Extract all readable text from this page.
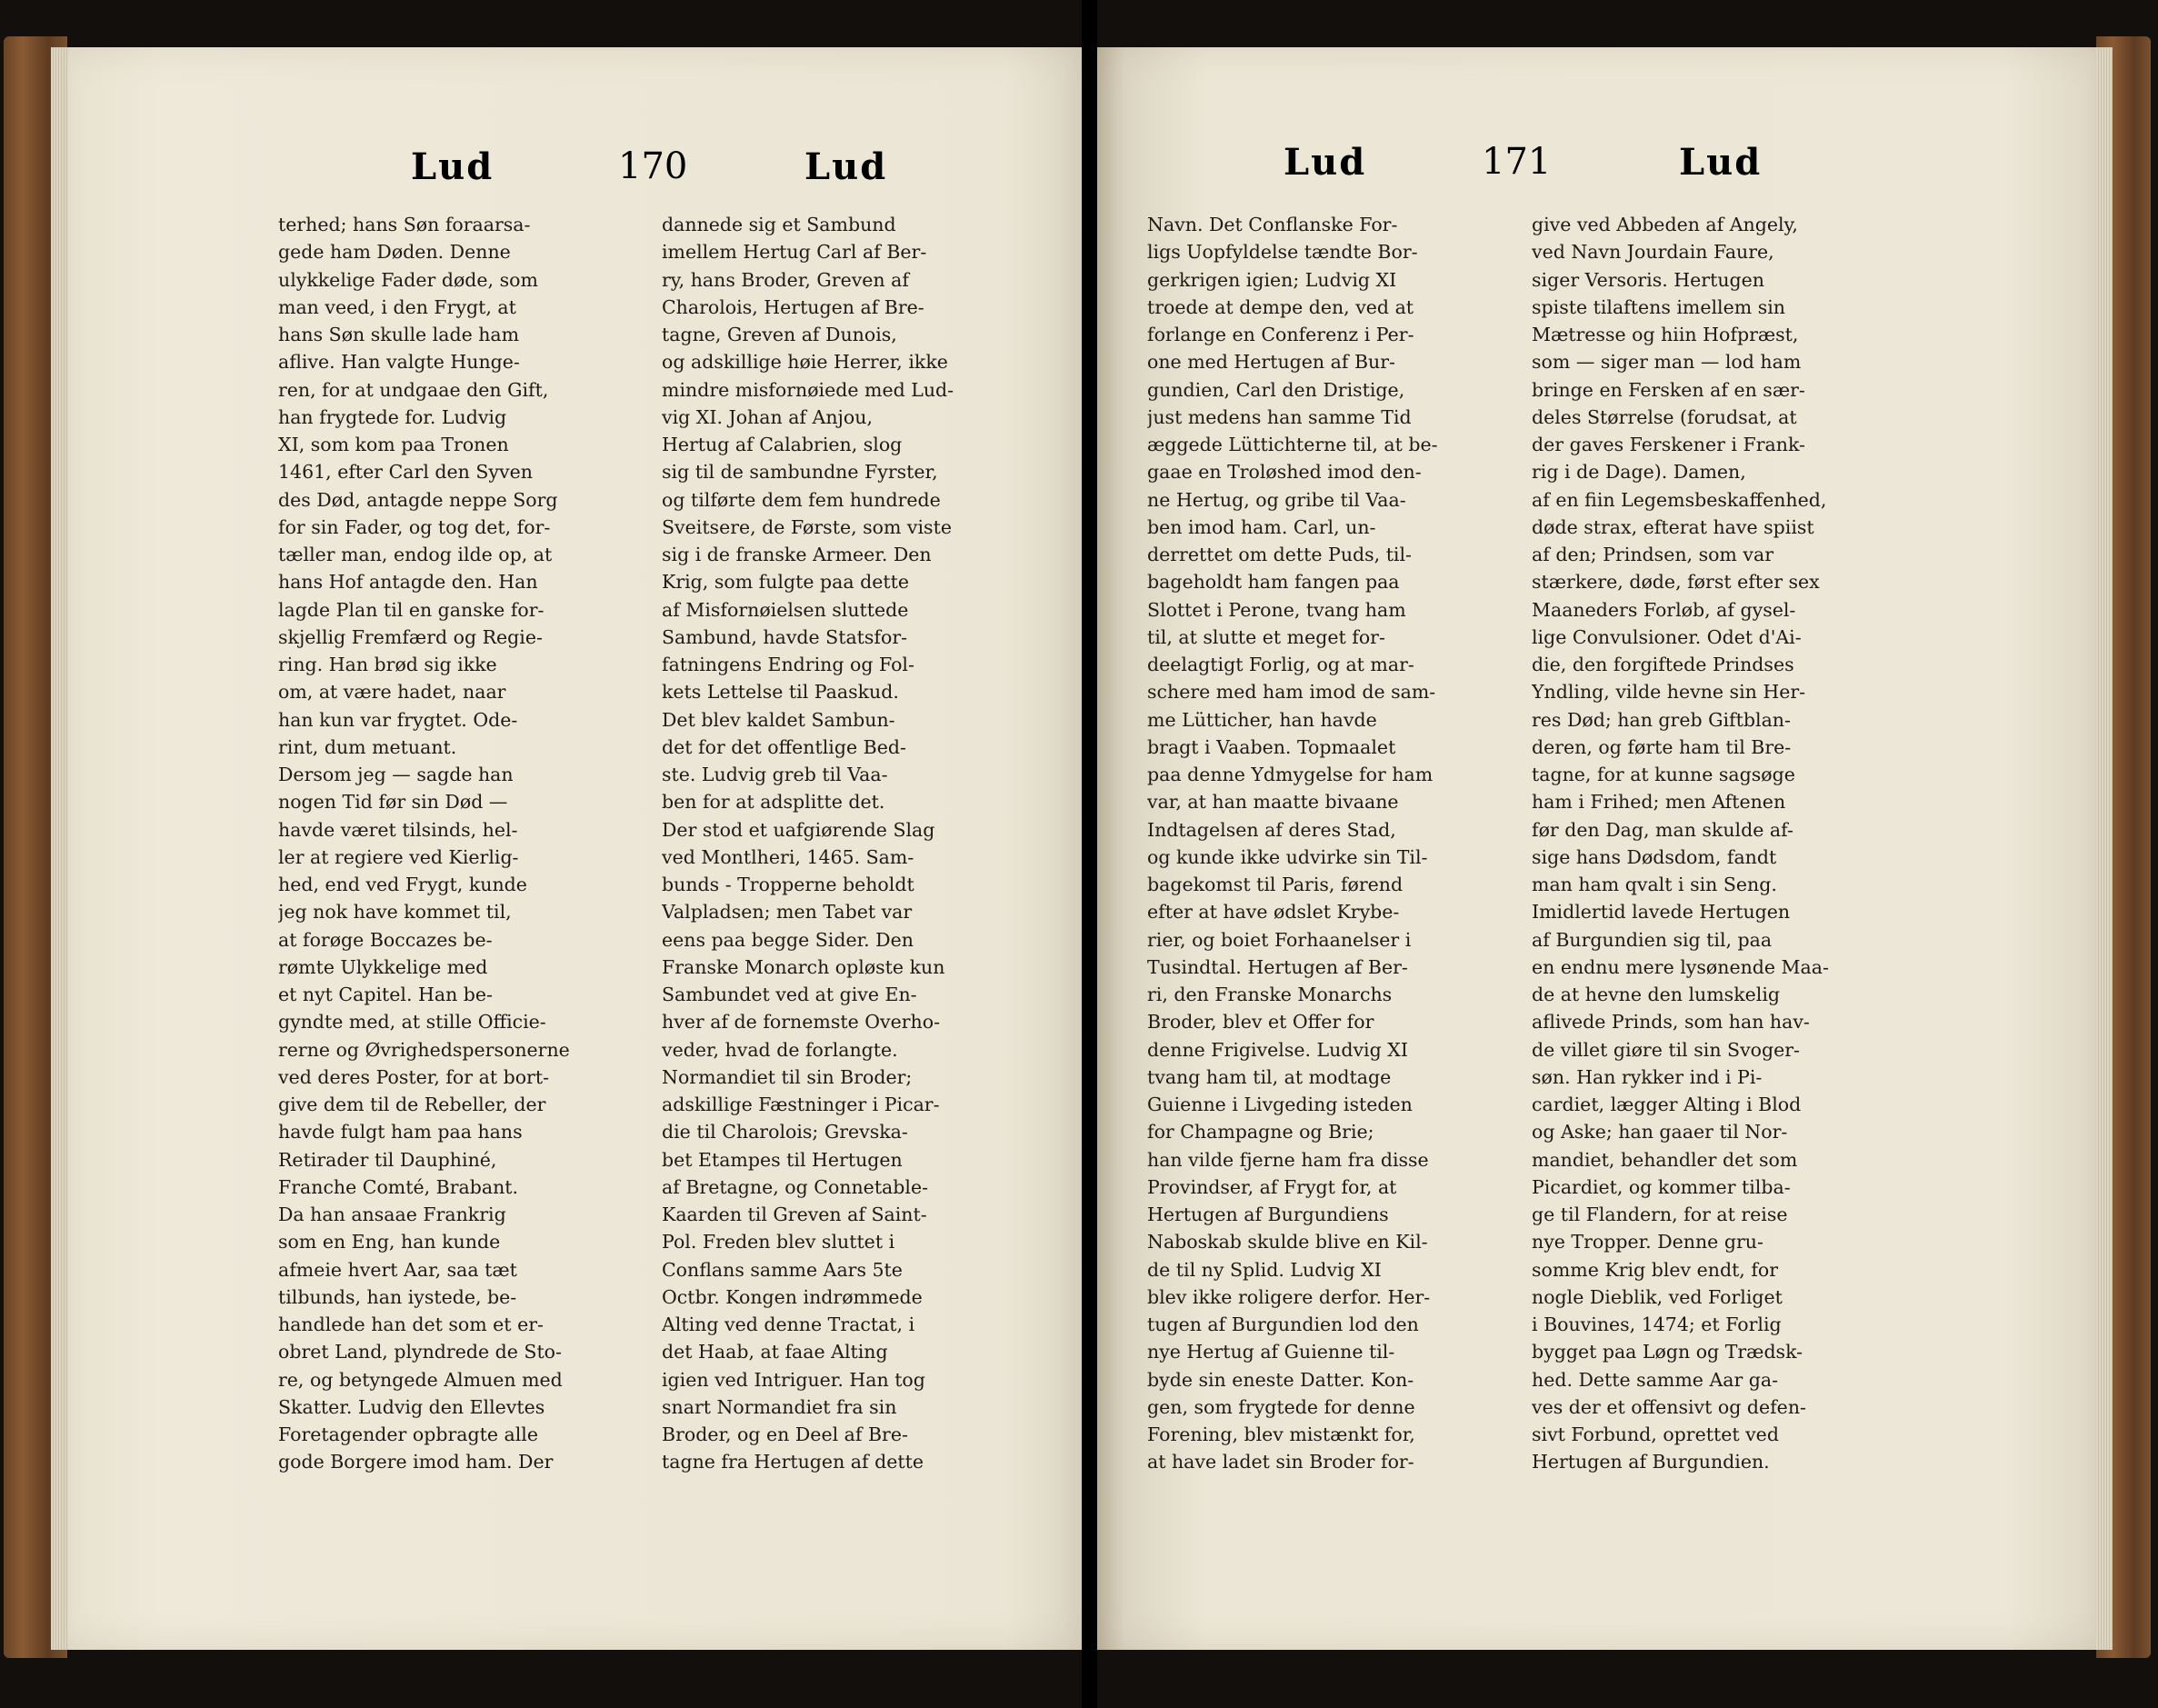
Lud	170	Lud
terhed; hans Søn foraarsa-
gede ham Døden. Denne
ulykkelige Fader døde, som
man veed, i den Frygt, at
hans Søn skulle lade ham
aflive. Han valgte Hunge-
ren, for at undgaae den Gift,
han frygtede for. Ludvig
XI, som kom paa Tronen
1461, efter Carl den Syven
des Død, antagde neppe Sorg
for sin Fader, og tog det, for-
tæller man, endog ilde op, at
hans Hof antagde den. Han
lagde Plan til en ganske for-
skjellig Fremfærd og Regie-
ring. Han brød sig ikke
om, at være hadet, naar
han kun var frygtet. Ode-
rint, dum metuant.
Dersom jeg — sagde han
nogen Tid før sin Død —
havde været tilsinds, hel-
ler at regiere ved Kierlig-
hed, end ved Frygt, kunde
jeg nok have kommet til,
at forøge Boccazes be-
rømte Ulykkelige med
et nyt Capitel. Han be-
gyndte med, at stille Officie-
rerne og Øvrighedspersonerne
ved deres Poster, for at bort-
give dem til de Rebeller, der
havde fulgt ham paa hans
Retirader til Dauphiné,
Franche Comté, Brabant.
Da han ansaae Frankrig
som en Eng, han kunde
afmeie hvert Aar, saa tæt
tilbunds, han iystede, be-
handlede han det som et er-
obret Land, plyndrede de Sto-
re, og betyngede Almuen med
Skatter. Ludvig den Ellevtes
Foretagender opbragte alle
gode Borgere imod ham. Der
dannede sig et Sambund
imellem Hertug Carl af Ber-
ry, hans Broder, Greven af
Charolois, Hertugen af Bre-
tagne, Greven af Dunois,
og adskillige høie Herrer, ikke
mindre misfornøiede med Lud-
vig XI. Johan af Anjou,
Hertug af Calabrien, slog
sig til de sambundne Fyrster,
og tilførte dem fem hundrede
Sveitsere, de Første, som viste
sig i de franske Armeer. Den
Krig, som fulgte paa dette
af Misfornøielsen sluttede
Sambund, havde Statsfor-
fatningens Endring og Fol-
kets Lettelse til Paaskud.
Det blev kaldet Sambun-
det for det offentlige Bed-
ste. Ludvig greb til Vaa-
ben for at adsplitte det.
Der stod et uafgiørende Slag
ved Montlheri, 1465. Sam-
bunds - Tropperne beholdt
Valpladsen; men Tabet var
eens paa begge Sider. Den
Franske Monarch opløste kun
Sambundet ved at give En-
hver af de fornemste Overho-
veder, hvad de forlangte.
Normandiet til sin Broder;
adskillige Fæstninger i Picar-
die til Charolois; Grevska-
bet Etampes til Hertugen
af Bretagne, og Connetable-
Kaarden til Greven af Saint-
Pol. Freden blev sluttet i
Conflans samme Aars 5te
Octbr. Kongen indrømmede
Alting ved denne Tractat, i
det Haab, at faae Alting
igien ved Intriguer. Han tog
snart Normandiet fra sin
Broder, og en Deel af Bre-
tagne fra Hertugen af dette
Lud	171	Lud
Navn. Det Conflanske For-
ligs Uopfyldelse tændte Bor-
gerkrigen igien; Ludvig XI
troede at dempe den, ved at
forlange en Conferenz i Per-
one med Hertugen af Bur-
gundien, Carl den Dristige,
just medens han samme Tid
æggede Lüttichterne til, at be-
gaae en Troløshed imod den-
ne Hertug, og gribe til Vaa-
ben imod ham. Carl, un-
derrettet om dette Puds, til-
bageholdt ham fangen paa
Slottet i Perone, tvang ham
til, at slutte et meget for-
deelagtigt Forlig, og at mar-
schere med ham imod de sam-
me Lütticher, han havde
bragt i Vaaben. Topmaalet
paa denne Ydmygelse for ham
var, at han maatte bivaane
Indtagelsen af deres Stad,
og kunde ikke udvirke sin Til-
bagekomst til Paris, førend
efter at have ødslet Krybe-
rier, og boiet Forhaanelser i
Tusindtal. Hertugen af Ber-
ri, den Franske Monarchs
Broder, blev et Offer for
denne Frigivelse. Ludvig XI
tvang ham til, at modtage
Guienne i Livgeding isteden
for Champagne og Brie;
han vilde fjerne ham fra disse
Provindser, af Frygt for, at
Hertugen af Burgundiens
Naboskab skulde blive en Kil-
de til ny Splid. Ludvig XI
blev ikke roligere derfor. Her-
tugen af Burgundien lod den
nye Hertug af Guienne til-
byde sin eneste Datter. Kon-
gen, som frygtede for denne
Forening, blev mistænkt for,
at have ladet sin Broder for-
give ved Abbeden af Angely,
ved Navn Jourdain Faure,
siger Versoris. Hertugen
spiste tilaftens imellem sin
Mætresse og hiin Hofpræst,
som — siger man — lod ham
bringe en Fersken af en sær-
deles Størrelse (forudsat, at
der gaves Ferskener i Frank-
rig i de Dage). Damen,
af en fiin Legemsbeskaffenhed,
døde strax, efterat have spiist
af den; Prindsen, som var
stærkere, døde, først efter sex
Maaneders Forløb, af gysel-
lige Convulsioner. Odet d'Ai-
die, den forgiftede Prindses
Yndling, vilde hevne sin Her-
res Død; han greb Giftblan-
deren, og førte ham til Bre-
tagne, for at kunne sagsøge
ham i Frihed; men Aftenen
før den Dag, man skulde af-
sige hans Dødsdom, fandt
man ham qvalt i sin Seng.
Imidlertid lavede Hertugen
af Burgundien sig til, paa
en endnu mere lysønende Maa-
de at hevne den lumskelig
aflivede Prinds, som han hav-
de villet giøre til sin Svoger-
søn. Han rykker ind i Pi-
cardiet, lægger Alting i Blod
og Aske; han gaaer til Nor-
mandiet, behandler det som
Picardiet, og kommer tilba-
ge til Flandern, for at reise
nye Tropper. Denne gru-
somme Krig blev endt, for
nogle Dieblik, ved Forliget
i Bouvines, 1474; et Forlig
bygget paa Løgn og Trædsk-
hed. Dette samme Aar ga-
ves der et offensivt og defen-
sivt Forbund, oprettet ved
Hertugen af Burgundien.
